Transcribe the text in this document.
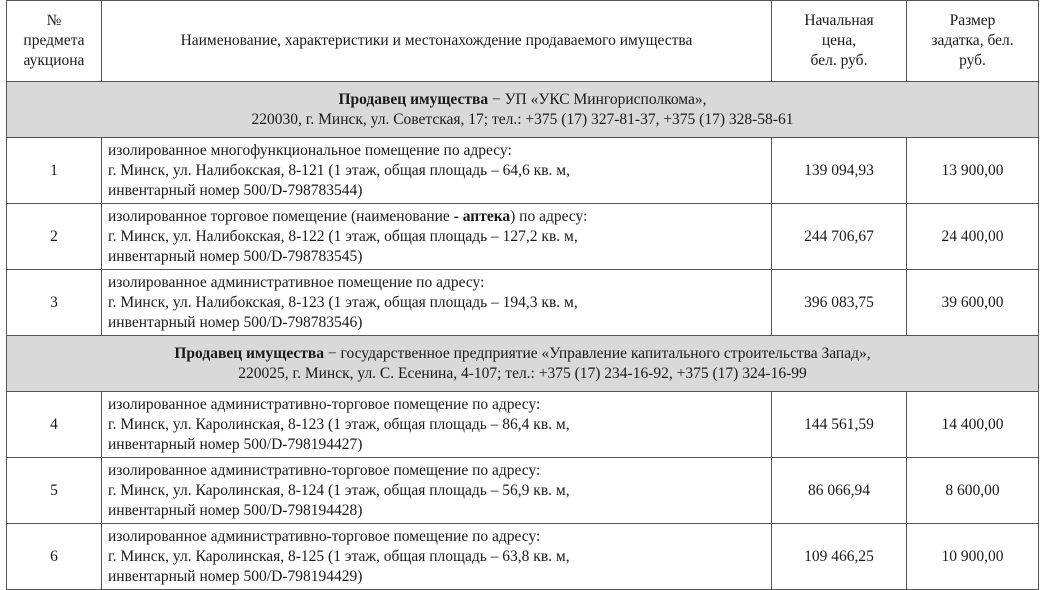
№
предмета
аукциона	Наименование, характеристики и местонахождение продаваемого имущества	Начальная
цена,
бел. руб.	Размер
задатка, бел.
руб.

Продавец имущества − УП «УКС Мингорисполкома»,
220030, г. Минск, ул. Советская, 17; тел.: +375 (17) 327-81-37, +375 (17) 328-58-61			

1	изолированное многофункциональное помещение по адресу:
г. Минск, ул. Налибокская, 8-121 (1 этаж, общая площадь – 64,6 кв. м,
инвентарный номер 500/D-798783544)	139 094,93	13 900,00
2	изолированное торговое помещение (наименование - аптека) по адресу:
г. Минск, ул. Налибокская, 8-122 (1 этаж, общая площадь – 127,2 кв. м,
инвентарный номер 500/D-798783545)	244 706,67	24 400,00
3	изолированное административное помещение по адресу:
г. Минск, ул. Налибокская, 8-123 (1 этаж, общая площадь – 194,3 кв. м,
инвентарный номер 500/D-798783546)	396 083,75	39 600,00

Продавец имущества − государственное предприятие «Управление капитального строительства Запад»,
220025, г. Минск, ул. С. Есенина, 4-107; тел.: +375 (17) 234-16-92, +375 (17) 324-16-99			

4	изолированное административно-торговое помещение по адресу:
г. Минск, ул. Каролинская, 8-123 (1 этаж, общая площадь – 86,4 кв. м,
инвентарный номер 500/D-798194427)	144 561,59	14 400,00
5	изолированное административно-торговое помещение по адресу:
г. Минск, ул. Каролинская, 8-124 (1 этаж, общая площадь – 56,9 кв. м,
инвентарный номер 500/D-798194428)	86 066,94	8 600,00
6	изолированное административно-торговое помещение по адресу:
г. Минск, ул. Каролинская, 8-125 (1 этаж, общая площадь – 63,8 кв. м,
инвентарный номер 500/D-798194429)	109 466,25	10 900,00
